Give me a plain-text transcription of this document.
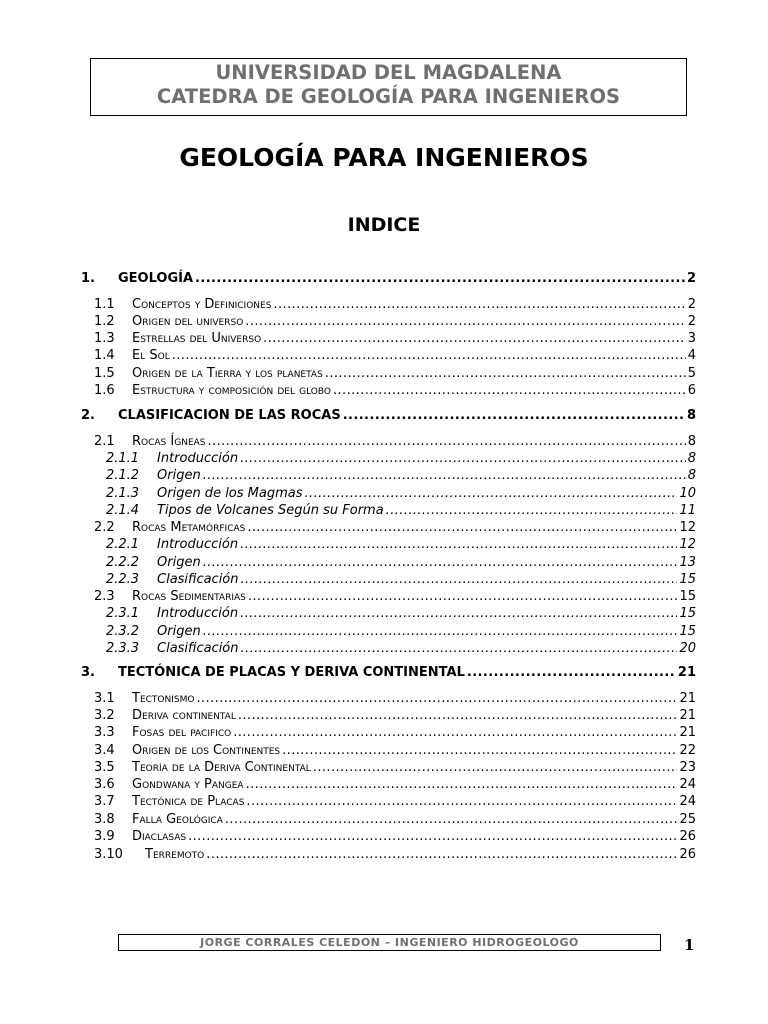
UNIVERSIDAD DEL MAGDALENA
CATEDRA DE GEOLOGÍA PARA INGENIEROS
GEOLOGÍA PARA INGENIEROS
INDICE
1.	GEOLOGÍA .....	2
1.1	Conceptos y Definiciones .....	2
1.2	Origen del universo .....	2
1.3	Estrellas del Universo .....	3
1.4	El Sol .....	4
1.5	Origen de la Tierra y los planetas .....	5
1.6	Estructura y composición del globo .....	6
2.	CLASIFICACION DE LAS ROCAS .....	8
2.1	Rocas Ígneas .....	8
2.1.1	Introducción .....	8
2.1.2	Origen .....	8
2.1.3	Origen de los Magmas .....	10
2.1.4	Tipos de Volcanes Según su Forma .....	11
2.2	Rocas Metamórficas .....	12
2.2.1	Introducción .....	12
2.2.2	Origen .....	13
2.2.3	Clasificación .....	15
2.3	Rocas Sedimentarias .....	15
2.3.1	Introducción .....	15
2.3.2	Origen .....	15
2.3.3	Clasificación .....	20
3.	TECTÓNICA DE PLACAS Y DERIVA CONTINENTAL .....	21
3.1	Tectonismo .....	21
3.2	Deriva continental .....	21
3.3	Fosas del pacifico .....	21
3.4	Origen de los Continentes .....	22
3.5	Teoría de la Deriva Continental .....	23
3.6	Gondwana y Pangea .....	24
3.7	Tectónica de Placas .....	24
3.8	Falla Geológica .....	25
3.9	Diaclasas .....	26
3.10	Terremoto .....	26
JORGE CORRALES CELEDON – INGENIERO HIDROGEOLOGO	1
